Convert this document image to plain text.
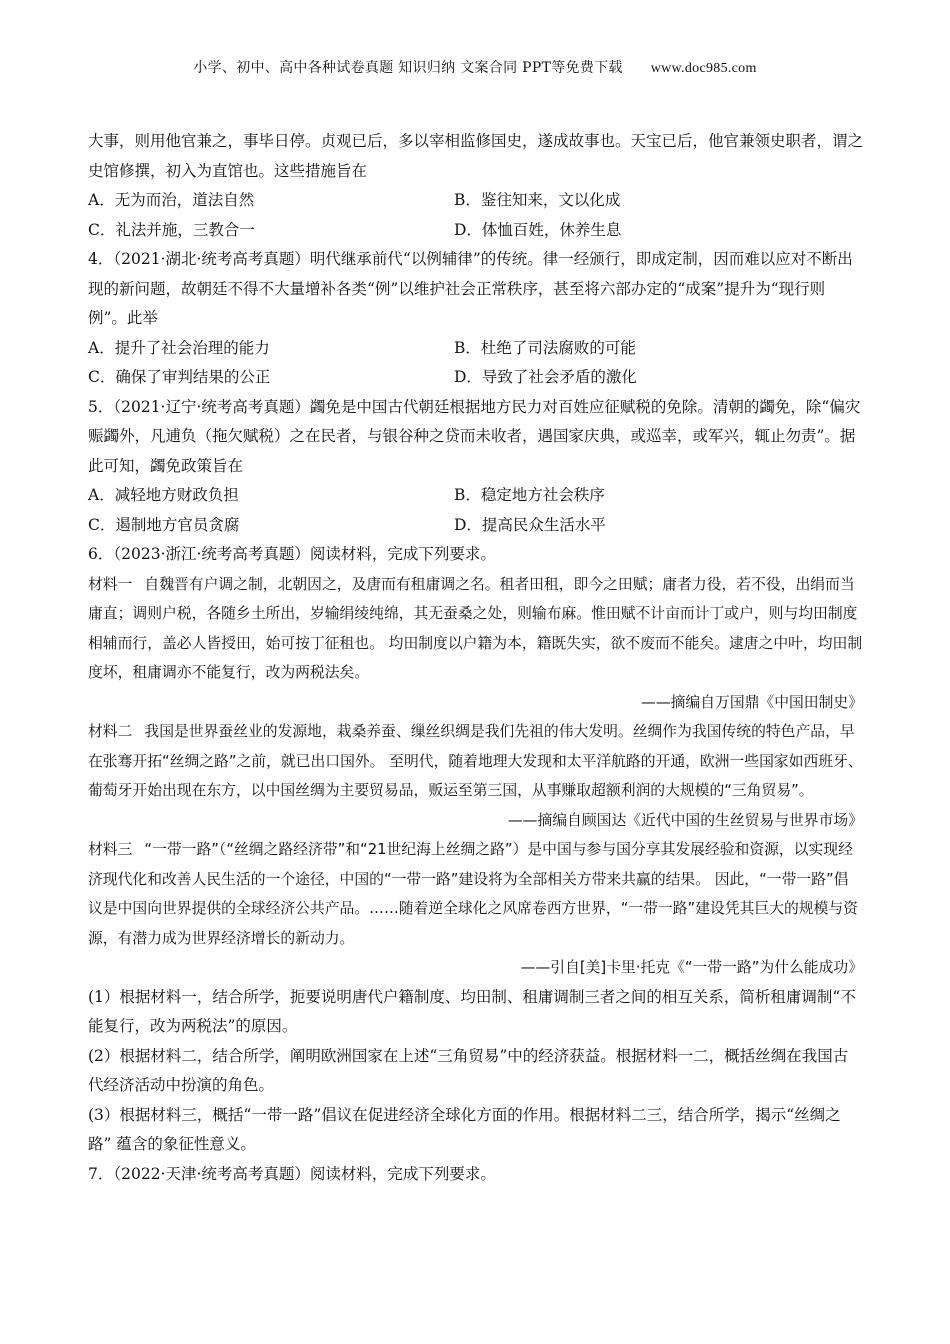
小学、初中、高中各种试卷真题 知识归纳 文案合同 PPT等免费下载 www.doc985.com

大事，则用他官兼之，事毕日停。贞观已后，多以宰相监修国史，遂成故事也。天宝已后，他官兼领史职者，谓之史馆修撰，初入为直馆也。这些措施旨在

A．无为而治，道法自然	B．鉴往知来，文以化成
C．礼法并施，三教合一	D．体恤百姓，休养生息

4．（2021·湖北·统考高考真题）明代继承前代“以例辅律”的传统。律一经颁行，即成定制，因而难以应对不断出现的新问题，故朝廷不得不大量增补各类“例”以维护社会正常秩序，甚至将六部办定的“成案”提升为“现行则例”。此举

A．提升了社会治理的能力	B．杜绝了司法腐败的可能
C．确保了审判结果的公正	D．导致了社会矛盾的激化

5．（2021·辽宁·统考高考真题）蠲免是中国古代朝廷根据地方民力对百姓应征赋税的免除。清朝的蠲免，除“偏灾赈蠲外，凡逋负（拖欠赋税）之在民者，与银谷种之贷而未收者，遇国家庆典，或巡幸，或军兴，辄止勿责”。据此可知，蠲免政策旨在

A．减轻地方财政负担	B．稳定地方社会秩序
C．遏制地方官员贪腐	D．提高民众生活水平

6．（2023·浙江·统考高考真题）阅读材料，完成下列要求。

材料一 自魏晋有户调之制，北朝因之，及唐而有租庸调之名。租者田租，即今之田赋；庸者力役，若不役，出绢而当庸直；调则户税，各随乡土所出，岁输绢绫纯绵，其无蚕桑之处，则输布麻。惟田赋不计亩而计丁或户，则与均田制度相辅而行，盖必人皆授田，始可按丁征租也。 均田制度以户籍为本，籍既失实，欲不废而不能矣。逮唐之中叶，均田制度坏，租庸调亦不能复行，改为两税法矣。

——摘编自万国鼎《中国田制史》

材料二 我国是世界蚕丝业的发源地，栽桑养蚕、缫丝织绸是我们先祖的伟大发明。丝绸作为我国传统的特色产品，早在张骞开拓“丝绸之路”之前，就已出口国外。 至明代，随着地理大发现和太平洋航路的开通，欧洲一些国家如西班牙、葡萄牙开始出现在东方，以中国丝绸为主要贸易品，贩运至第三国，从事赚取超额利润的大规模的“三角贸易”。

——摘编自顾国达《近代中国的生丝贸易与世界市场》

材料三 “一带一路”（“丝绸之路经济带”和“21世纪海上丝绸之路”）是中国与参与国分享其发展经验和资源，以实现经济现代化和改善人民生活的一个途径，中国的“一带一路”建设将为全部相关方带来共赢的结果。 因此，“一带一路”倡议是中国向世界提供的全球经济公共产品。……随着逆全球化之风席卷西方世界，“一带一路”建设凭其巨大的规模与资源，有潜力成为世界经济增长的新动力。

——引自[美]卡里·托克《“一带一路”为什么能成功》

(1）根据材料一，结合所学，扼要说明唐代户籍制度、均田制、租庸调制三者之间的相互关系，简析租庸调制“不能复行，改为两税法”的原因。

(2）根据材料二，结合所学，阐明欧洲国家在上述“三角贸易”中的经济获益。根据材料一二，概括丝绸在我国古代经济活动中扮演的角色。

(3）根据材料三，概括“一带一路”倡议在促进经济全球化方面的作用。根据材料二三，结合所学，揭示“丝绸之路” 蕴含的象征性意义。

7．（2022·天津·统考高考真题）阅读材料，完成下列要求。
